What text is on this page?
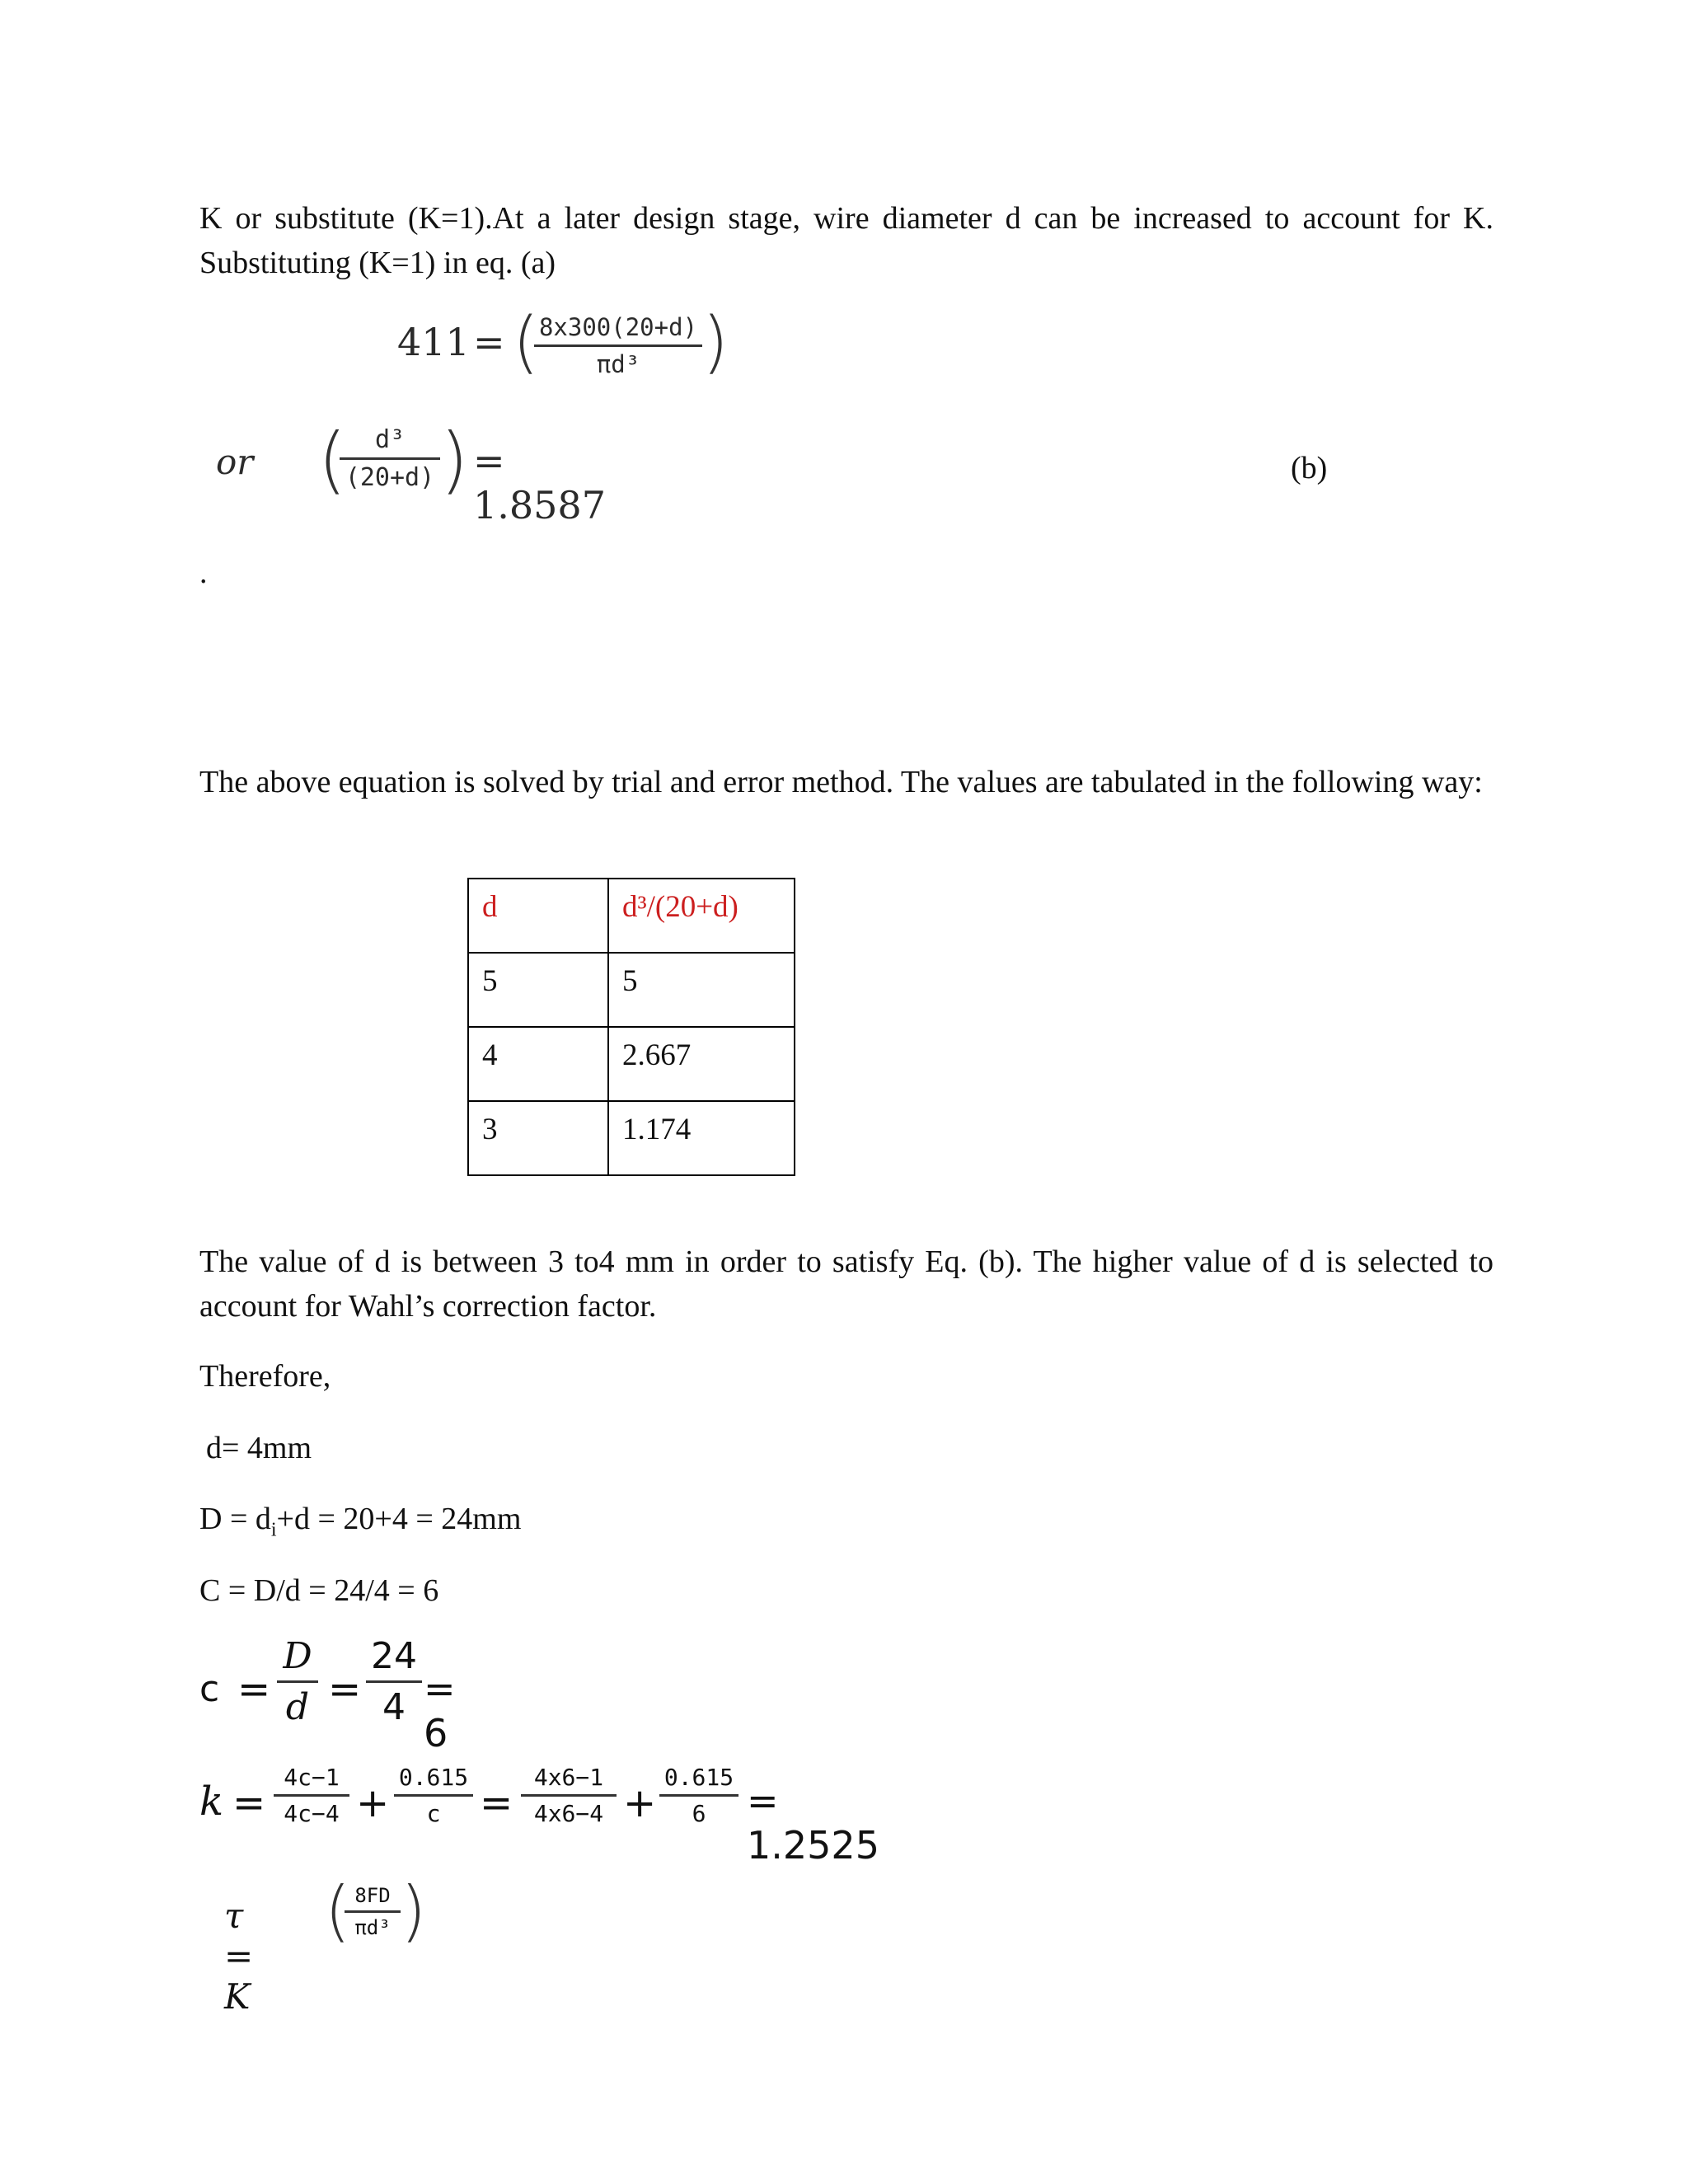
K or substitute (K=1).At a later design stage, wire diameter d can be increased to account for K. Substituting (K=1) in eq. (a)
411 = ( 8x300(20+d)
πd³ )
or (	d³
(20+d) ) = 1.8587
(b)
.
The above equation is solved by trial and error method. The values are tabulated in the following way:
d	d³/(20+d)
5	5
4	2.667
3	1.174
The value of d is between 3 to4 mm in order to satisfy Eq. (b). The higher value of d is selected to account for Wahl’s correction factor.
Therefore,
d= 4mm
$D = d_i+d = 20+4 = 24mm$
C = D/d = 24/4 = 6
c =
D
d =
24
4 = 6
k =
4c−1
4c−4 +
0.615
c =
4x6−1
4x6−4 +
0.615
6	= 1.2525
τ = K
( 8FD
πd³ )
